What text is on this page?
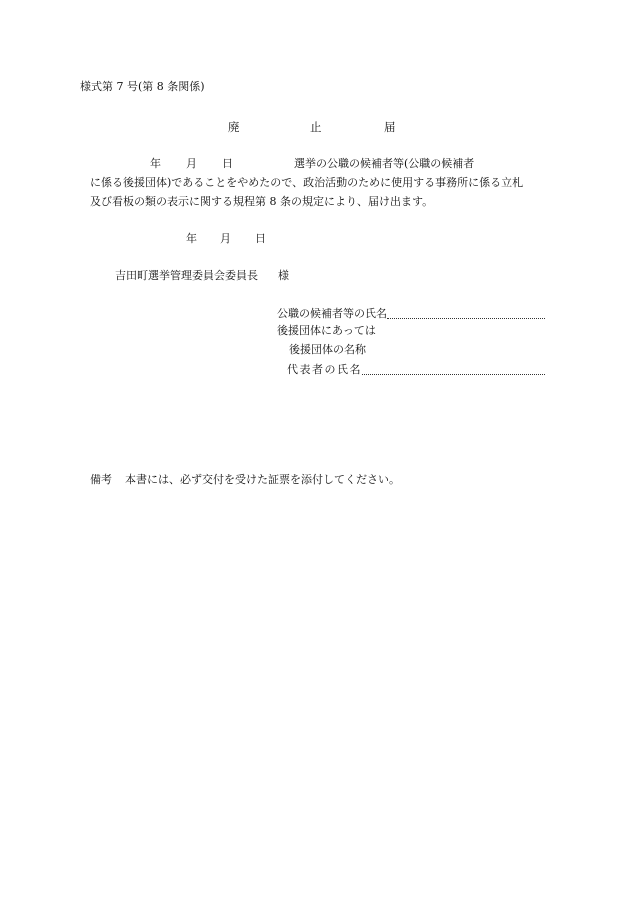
様式第 7 号(第 8 条関係)
廃	止	届
年 月 日	選挙の公職の候補者等(公職の候補者
に係る後援団体)であることをやめたので、政治活動のために使用する事務所に係る立札
及び看板の類の表示に関する規程第 8 条の規定により、届け出ます。
年 月 日
吉田町選挙管理委員会委員長 様
公職の候補者等の氏名
後援団体にあっては
後援団体の名称
代表者の氏名
備考 本書には、必ず交付を受けた証票を添付してください。
